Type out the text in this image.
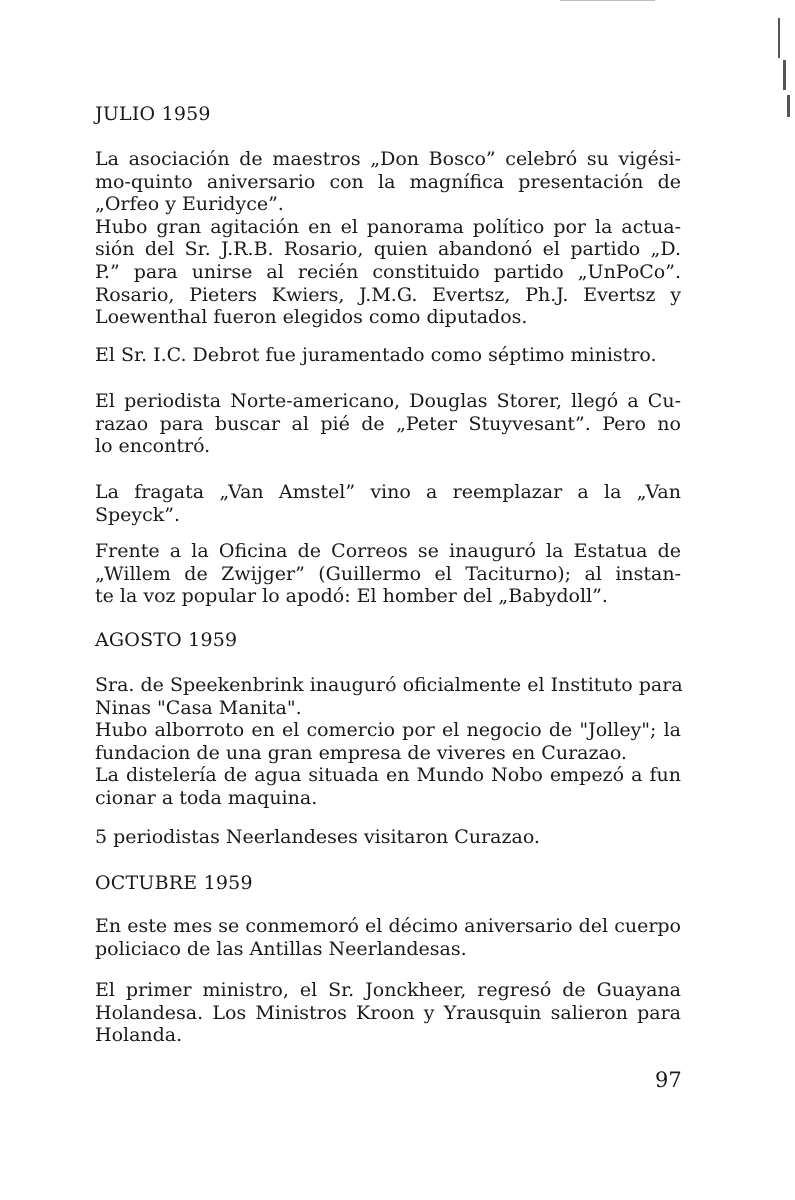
JULIO 1959
La asociación de maestros „Don Bosco” celebró su vigési-
mo-quinto aniversario con la magnífica presentación de
„Orfeo y Euridyce”.
Hubo gran agitación en el panorama político por la actua-
sión del Sr. J.R.B. Rosario, quien abandonó el partido „D.
P.” para unirse al recién constituido partido „UnPoCo”.
Rosario, Pieters Kwiers, J.M.G. Evertsz, Ph.J. Evertsz y
Loewenthal fueron elegidos como diputados.
El Sr. I.C. Debrot fue juramentado como séptimo ministro.
El periodista Norte-americano, Douglas Storer, llegó a Cu-
razao para buscar al pié de „Peter Stuyvesant”. Pero no
lo encontró.
La fragata „Van Amstel” vino a reemplazar a la „Van
Speyck”.
Frente a la Oficina de Correos se inauguró la Estatua de
„Willem de Zwijger” (Guillermo el Taciturno); al instan-
te la voz popular lo apodó: El homber del „Babydoll”.
AGOSTO 1959
Sra. de Speekenbrink inauguró oficialmente el Instituto para
Ninas "Casa Manita".
Hubo alborroto en el comercio por el negocio de "Jolley"; la
fundacion de una gran empresa de viveres en Curazao.
La distelería de agua situada en Mundo Nobo empezó a fun
cionar a toda maquina.
5 periodistas Neerlandeses visitaron Curazao.
OCTUBRE 1959
En este mes se conmemoró el décimo aniversario del cuerpo
policiaco de las Antillas Neerlandesas.
El primer ministro, el Sr. Jonckheer, regresó de Guayana
Holandesa. Los Ministros Kroon y Yrausquin salieron para
Holanda.
97
